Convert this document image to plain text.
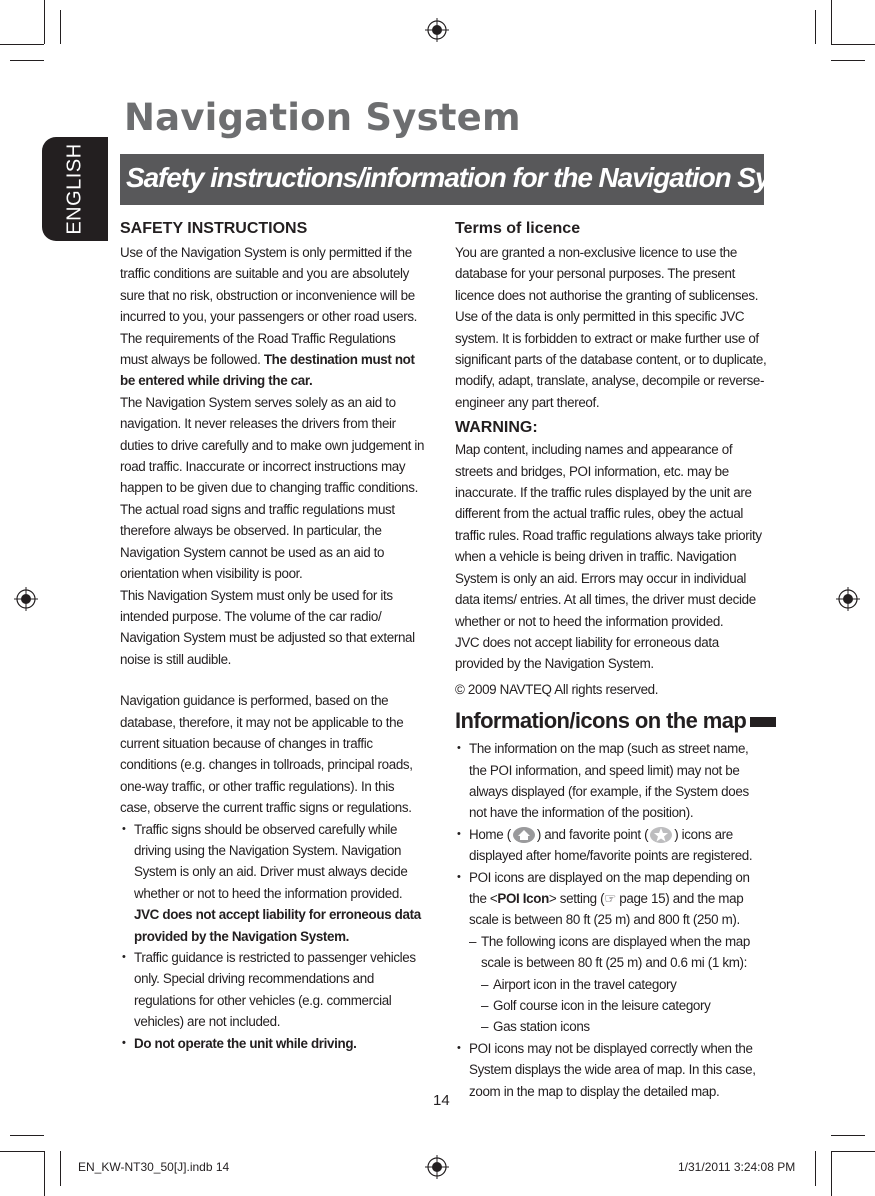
ENGLISH
Navigation System
Safety instructions/information for the Navigation System

SAFETY INSTRUCTIONS

Use of the Navigation System is only permitted if the traffic conditions are suitable and you are absolutely sure that no risk, obstruction or inconvenience will be incurred to you, your passengers or other road users. The requirements of the Road Traffic Regulations must always be followed. The destination must not be entered while driving the car.

The Navigation System serves solely as an aid to navigation. It never releases the drivers from their duties to drive carefully and to make own judgement in road traffic. Inaccurate or incorrect instructions may happen to be given due to changing traffic conditions. The actual road signs and traffic regulations must therefore always be observed. In particular, the Navigation System cannot be used as an aid to orientation when visibility is poor.

This Navigation System must only be used for its intended purpose. The volume of the car radio/ Navigation System must be adjusted so that external noise is still audible.

Navigation guidance is performed, based on the database, therefore, it may not be applicable to the current situation because of changes in traffic conditions (e.g. changes in tollroads, principal roads, one-way traffic, or other traffic regulations). In this case, observe the current traffic signs or regulations.

• Traffic signs should be observed carefully while driving using the Navigation System. Navigation System is only an aid. Driver must always decide whether or not to heed the information provided. JVC does not accept liability for erroneous data provided by the Navigation System.
• Traffic guidance is restricted to passenger vehicles only. Special driving recommendations and regulations for other vehicles (e.g. commercial vehicles) are not included.
• Do not operate the unit while driving.

Terms of licence

You are granted a non-exclusive licence to use the database for your personal purposes. The present licence does not authorise the granting of sublicenses. Use of the data is only permitted in this specific JVC system. It is forbidden to extract or make further use of significant parts of the database content, or to duplicate, modify, adapt, translate, analyse, decompile or reverse-engineer any part thereof.

WARNING:

Map content, including names and appearance of streets and bridges, POI information, etc. may be inaccurate. If the traffic rules displayed by the unit are different from the actual traffic rules, obey the actual traffic rules. Road traffic regulations always take priority when a vehicle is being driven in traffic. Navigation System is only an aid. Errors may occur in individual data items/ entries. At all times, the driver must decide whether or not to heed the information provided.

JVC does not accept liability for erroneous data provided by the Navigation System.

© 2009 NAVTEQ All rights reserved.

Information/icons on the map

• The information on the map (such as street name, the POI information, and speed limit) may not be always displayed (for example, if the System does not have the information of the position).
• Home ( ) and favorite point ( ) icons are displayed after home/favorite points are registered.
• POI icons are displayed on the map depending on the <POI Icon> setting (☞ page 15) and the map scale is between 80 ft (25 m) and 800 ft (250 m).
– The following icons are displayed when the map scale is between 80 ft (25 m) and 0.6 mi (1 km):
– Airport icon in the travel category
– Golf course icon in the leisure category
– Gas station icons
• POI icons may not be displayed correctly when the System displays the wide area of map. In this case, zoom in the map to display the detailed map.
14
EN_KW-NT30_50[J].indb 14	1/31/2011 3:24:08 PM
